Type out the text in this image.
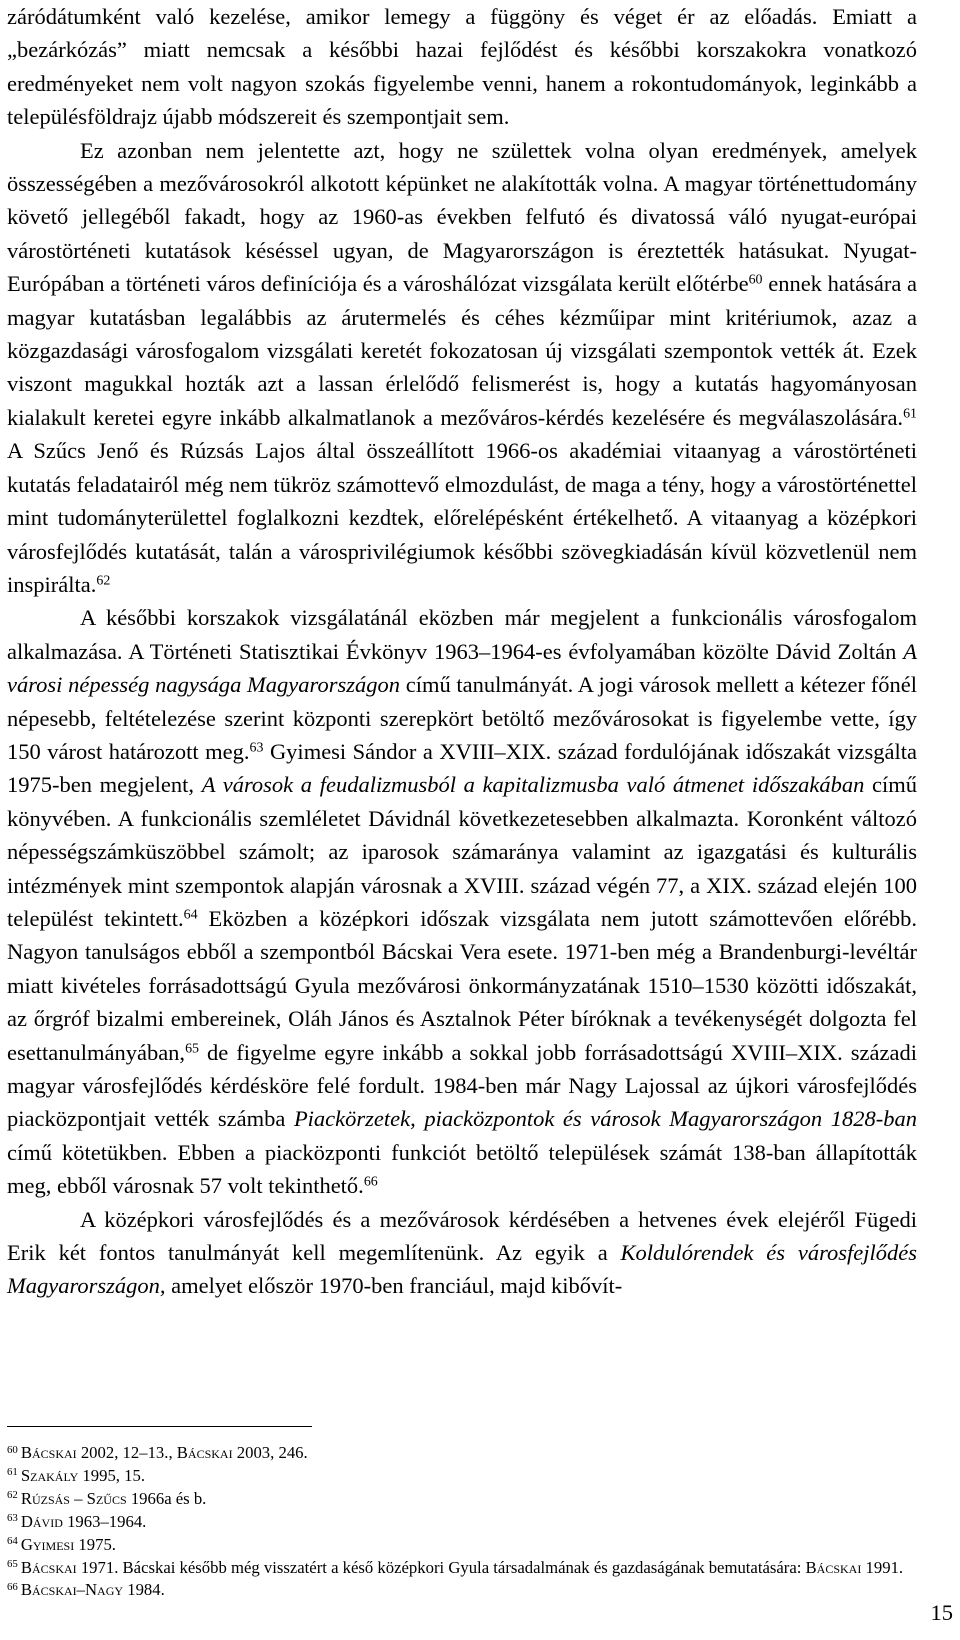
záródátumként való kezelése, amikor lemegy a függöny és véget ér az előadás. Emiatt a „bezárkózás” miatt nemcsak a későbbi hazai fejlődést és későbbi korszakokra vonatkozó eredményeket nem volt nagyon szokás figyelembe venni, hanem a rokontudományok, leginkább a településföldrajz újabb módszereit és szempontjait sem.

Ez azonban nem jelentette azt, hogy ne születtek volna olyan eredmények, amelyek összességében a mezővárosokról alkotott képünket ne alakították volna. A magyar történettudomány követő jellegéből fakadt, hogy az 1960-as években felfutó és divatossá váló nyugat-európai várostörténeti kutatások késéssel ugyan, de Magyarországon is éreztették hatásukat. Nyugat-Európában a történeti város definíciója és a városhálózat vizsgálata került előtérbe$^{60}$ ennek hatására a magyar kutatásban legalábbis az árutermelés és céhes kézműipar mint kritériumok, azaz a közgazdasági városfogalom vizsgálati keretét fokozatosan új vizsgálati szempontok vették át. Ezek viszont magukkal hozták azt a lassan érlelődő felismerést is, hogy a kutatás hagyományosan kialakult keretei egyre inkább alkalmatlanok a mezőváros-kérdés kezelésére és megválaszolására.$^{61}$ A Szűcs Jenő és Rúzsás Lajos által összeállított 1966-os akadémiai vitaanyag a várostörténeti kutatás feladatairól még nem tükröz számottevő elmozdulást, de maga a tény, hogy a várostörténettel mint tudományterülettel foglalkozni kezdtek, előrelépésként értékelhető. A vitaanyag a középkori városfejlődés kutatását, talán a városprivilégiumok későbbi szövegkiadásán kívül közvetlenül nem inspirálta.$^{62}$

A későbbi korszakok vizsgálatánál eközben már megjelent a funkcionális városfogalom alkalmazása. A Történeti Statisztikai Évkönyv 1963–1964-es évfolyamában közölte Dávid Zoltán A városi népesség nagysága Magyarországon című tanulmányát. A jogi városok mellett a kétezer főnél népesebb, feltételezése szerint központi szerepkört betöltő mezővárosokat is figyelembe vette, így 150 várost határozott meg.$^{63}$ Gyimesi Sándor a XVIII–XIX. század fordulójának időszakát vizsgálta 1975-ben megjelent, A városok a feudalizmusból a kapitalizmusba való átmenet időszakában című könyvében. A funkcionális szemléletet Dávidnál következetesebben alkalmazta. Koronként változó népességszámküszöbbel számolt; az iparosok számaránya valamint az igazgatási és kulturális intézmények mint szempontok alapján városnak a XVIII. század végén 77, a XIX. század elején 100 települést tekintett.$^{64}$ Eközben a középkori időszak vizsgálata nem jutott számottevően előrébb. Nagyon tanulságos ebből a szempontból Bácskai Vera esete. 1971-ben még a Brandenburgi-levéltár miatt kivételes forrásadottságú Gyula mezővárosi önkormányzatának 1510–1530 közötti időszakát, az őrgróf bizalmi embereinek, Oláh János és Asztalnok Péter bíróknak a tevékenységét dolgozta fel esettanulmányában,$^{65}$ de figyelme egyre inkább a sokkal jobb forrásadottságú XVIII–XIX. századi magyar városfejlődés kérdésköre felé fordult. 1984-ben már Nagy Lajossal az újkori városfejlődés piacközpontjait vették számba Piackörzetek, piacközpontok és városok Magyarországon 1828-ban című kötetükben. Ebben a piacközponti funkciót betöltő települések számát 138-ban állapították meg, ebből városnak 57 volt tekinthető.$^{66}$

A középkori városfejlődés és a mezővárosok kérdésében a hetvenes évek elejéről Fügedi Erik két fontos tanulmányát kell megemlítenünk. Az egyik a Koldulórendek és városfejlődés Magyarországon, amelyet először 1970-ben franciául, majd kibővít-

$^{60}$ Bácskai 2002, 12–13., Bácskai 2003, 246.

$^{61}$ Szakály 1995, 15.

$^{62}$ Rúzsás – Szűcs 1966a és b.

$^{63}$ Dávid 1963–1964.

$^{64}$ Gyimesi 1975.

$^{65}$ Bácskai 1971. Bácskai később még visszatért a késő középkori Gyula társadalmának és gazdaságának bemutatására: Bácskai 1991.

$^{66}$ Bácskai–Nagy 1984.

15
